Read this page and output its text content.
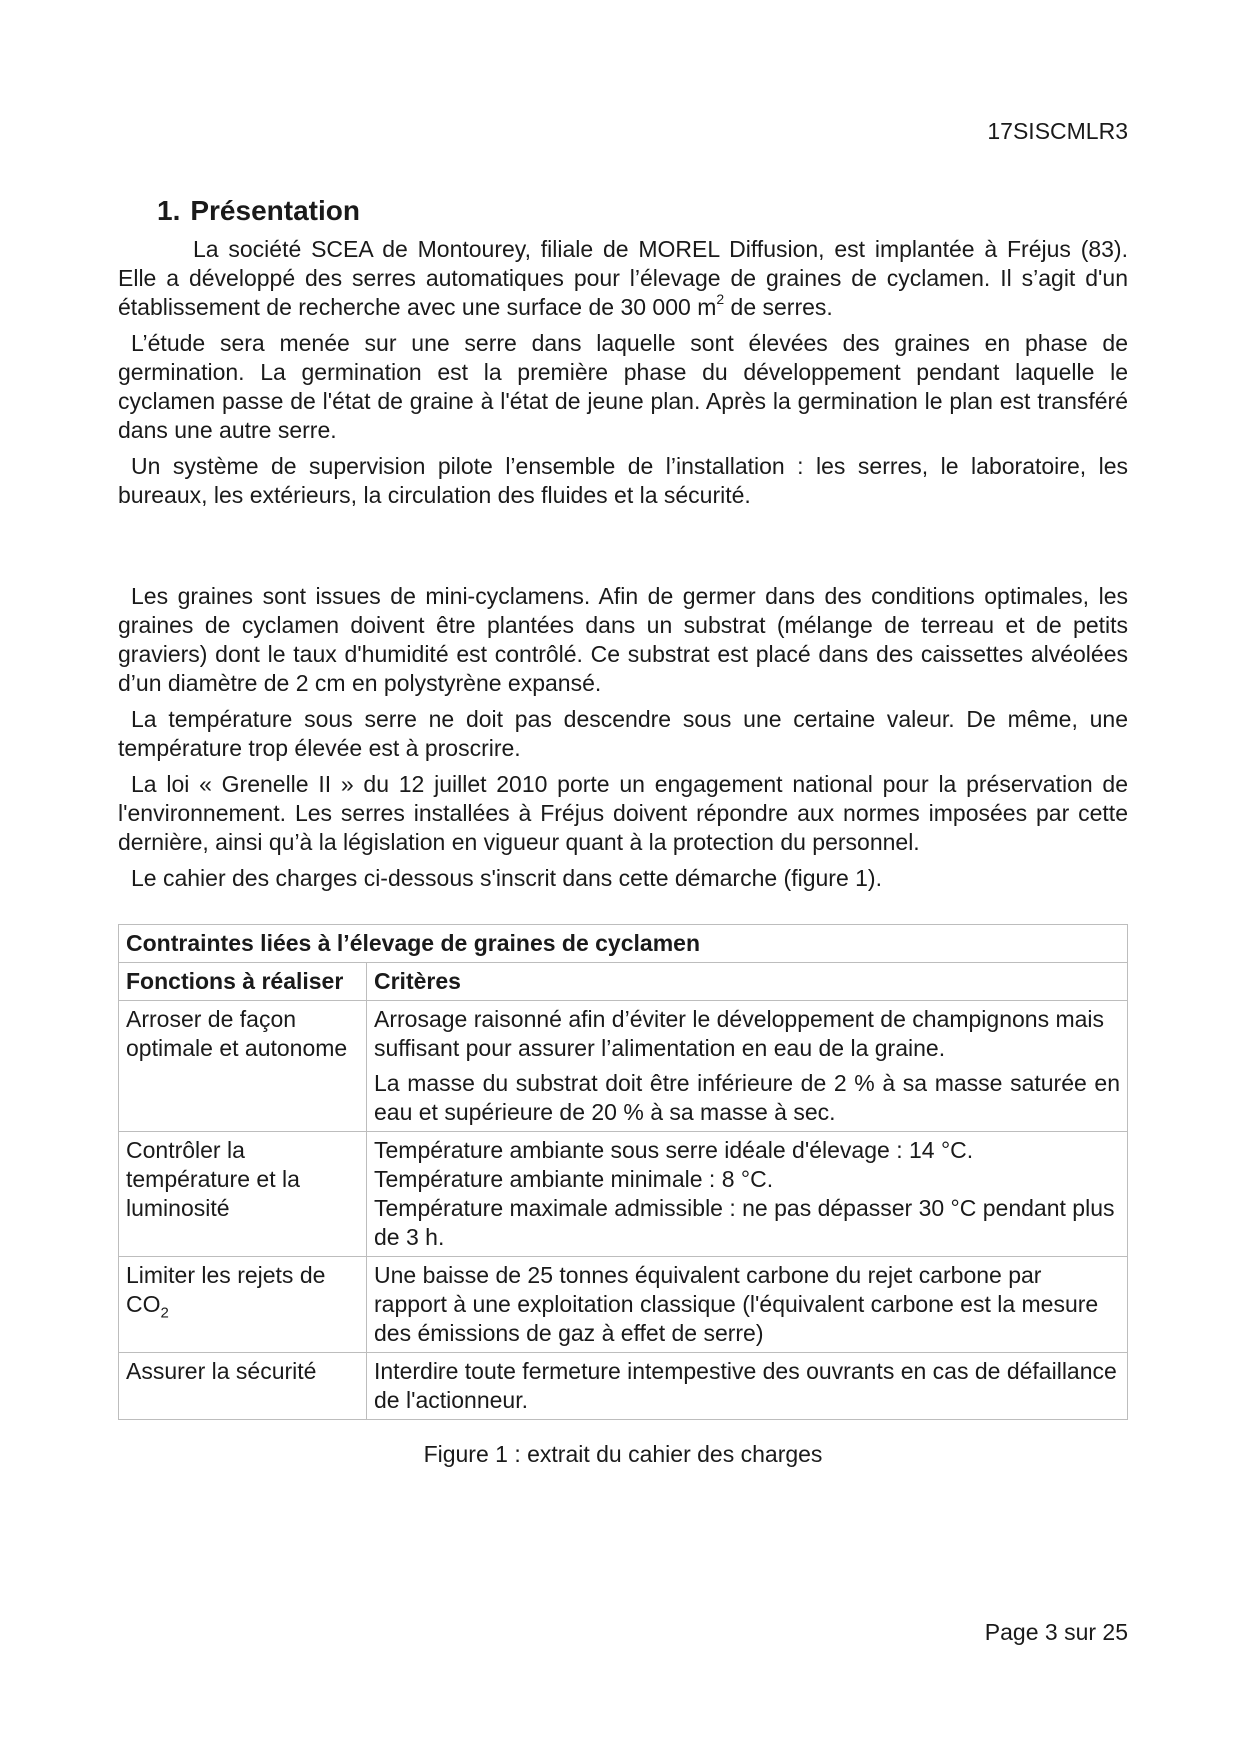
17SISCMLR3
1. Présentation

La société SCEA de Montourey, filiale de MOREL Diffusion, est implantée à Fréjus (83). Elle a développé des serres automatiques pour l’élevage de graines de cyclamen. Il s’agit d'un établissement de recherche avec une surface de 30 000 $m^2$ de serres.

L’étude sera menée sur une serre dans laquelle sont élevées des graines en phase de germination. La germination est la première phase du développement pendant laquelle le cyclamen passe de l'état de graine à l'état de jeune plan. Après la germination le plan est transféré dans une autre serre.

Un système de supervision pilote l’ensemble de l’installation : les serres, le laboratoire, les bureaux, les extérieurs, la circulation des fluides et la sécurité.

Les graines sont issues de mini-cyclamens. Afin de germer dans des conditions optimales, les graines de cyclamen doivent être plantées dans un substrat (mélange de terreau et de petits graviers) dont le taux d'humidité est contrôlé. Ce substrat est placé dans des caissettes alvéolées d’un diamètre de 2 cm en polystyrène expansé.

La température sous serre ne doit pas descendre sous une certaine valeur. De même, une température trop élevée est à proscrire.

La loi « Grenelle II » du 12 juillet 2010 porte un engagement national pour la préservation de l'environnement. Les serres installées à Fréjus doivent répondre aux normes imposées par cette dernière, ainsi qu’à la législation en vigueur quant à la protection du personnel.

Le cahier des charges ci-dessous s'inscrit dans cette démarche (figure 1).

Contraintes liées à l’élevage de graines de cyclamen	
Fonctions à réaliser	Critères
Arroser de façon optimale et autonome	Arrosage raisonné afin d’éviter le développement de champignons mais suffisant pour assurer l’alimentation en eau de la graine.

La masse du substrat doit être inférieure de 2 % à sa masse saturée en eau et supérieure de 20 % à sa masse à sec.

Contrôler la température et la luminosité	Température ambiante sous serre idéale d'élevage : 14 °C.

Température ambiante minimale : 8 °C.

Température maximale admissible : ne pas dépasser 30 °C pendant plus de 3 h.

Limiter les rejets de $CO_2$	Une baisse de 25 tonnes équivalent carbone du rejet carbone par rapport à une exploitation classique (l'équivalent carbone est la mesure des émissions de gaz à effet de serre)

Assurer la sécurité	Interdire toute fermeture intempestive des ouvrants en cas de défaillance de l'actionneur.

Figure 1 : extrait du cahier des charges
Page 3 sur 25
